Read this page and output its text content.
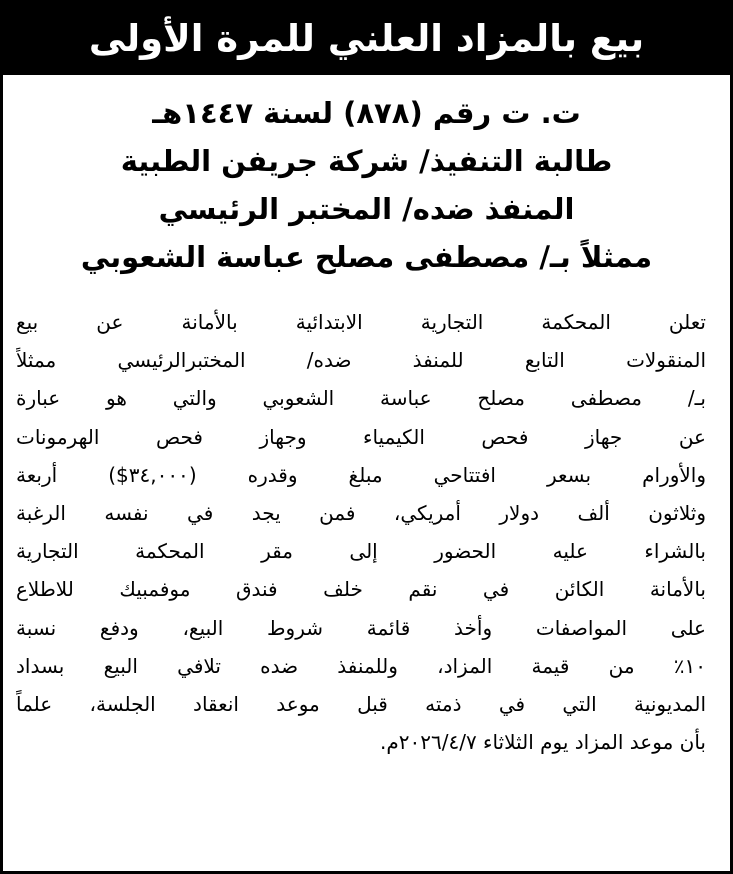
بيع بالمزاد العلني للمرة الأولى
ت. ت رقم (٨٧٨) لسنة ١٤٤٧هـ
طالبة التنفيذ/ شركة جريفن الطبية
المنفذ ضده/ المختبر الرئيسي
ممثلاً بـ/ مصطفى مصلح عباسة الشعوبي
تعلن المحكمة التجارية الابتدائية بالأمانة عن بيع
المنقولات التابع للمنفذ ضده/ المختبرالرئيسي ممثلاً
بـ/ مصطفى مصلح عباسة الشعوبي والتي هو عبارة
عن جهاز فحص الكيمياء وجهاز فحص الهرمونات
والأورام بسعر افتتاحي مبلغ وقدره (٣٤,٠٠٠$) أربعة
وثلاثون ألف دولار أمريكي، فمن يجد في نفسه الرغبة
بالشراء عليه الحضور إلى مقر المحكمة التجارية
بالأمانة الكائن في نقم خلف فندق موفمبيك للاطلاع
على المواصفات وأخذ قائمة شروط البيع، ودفع نسبة
١٠٪ من قيمة المزاد، وللمنفذ ضده تلافي البيع بسداد
المديونية التي في ذمته قبل موعد انعقاد الجلسة، علماً
بأن موعد المزاد يوم الثلاثاء ٢٠٢٦/٤/٧م.
